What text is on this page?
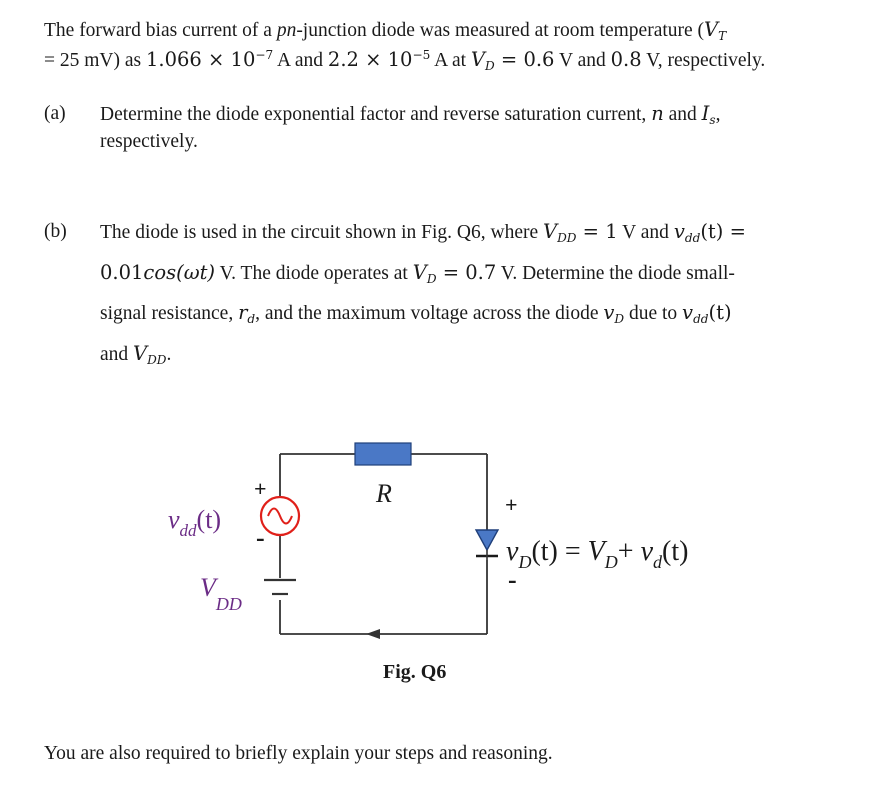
The forward bias current of a pn-junction diode was measured at room temperature ($V_T$
= 25 mV) as $1.066 \times 10^{-7}$ A and $2.2 \times 10^{-5}$ A at $V_D = 0.6$ V and 0.8 V, respectively.
(a) Determine the diode exponential factor and reverse saturation current, n and $I_s$,
respectively.
(b) The diode is used in the circuit shown in Fig. Q6, where $V_{DD} = 1$ V and $v_{dd}(t)$ =
0.01cos(ωt) V. The diode operates at $V_D = 0.7$ V. Determine the diode small-
signal resistance, $r_d$, and the maximum voltage across the diode $v_D$ due to $v_{dd}(t)$
and $V_{DD}$.
R
+
-
$v_{dd}(t)$
$V_{DD}$
+
-
$v_D(t) = V_D+ v_d(t)$
Fig. Q6
You are also required to briefly explain your steps and reasoning.
